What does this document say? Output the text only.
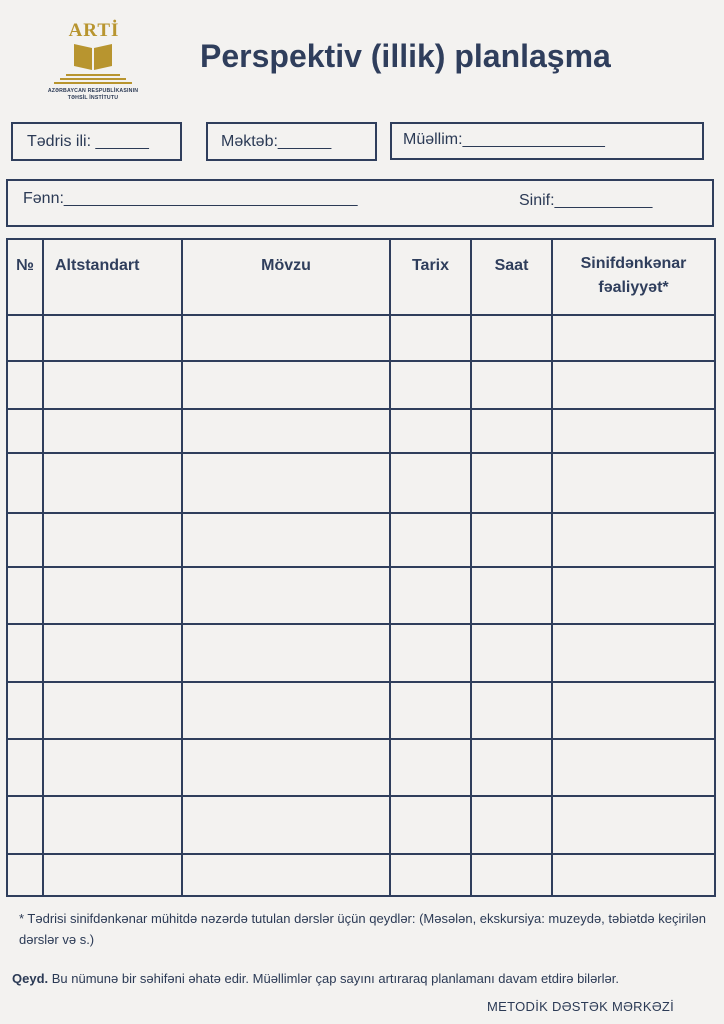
ARTİ
AZƏRBAYCAN RESPUBLİKASININ
TƏHSİL İNSTİTUTU
Perspektiv (illik) planlaşma
Tədris ili: ______	Məktəb:______	Müəllim:________________
Fənn:_________________________________	Sinif:___________
№	Altstandart	Mövzu	Tarix	Saat	Sinifdənkənar fəaliyyət*

* Tədrisi sinifdənkənar mühitdə nəzərdə tutulan dərslər üçün qeydlər: (Məsələn, ekskursiya: muzeydə, təbiətdə keçirilən dərslər və s.)
Qeyd. Bu nümunə bir səhifəni əhatə edir. Müəllimlər çap sayını artıraraq planlamanı davam etdirə bilərlər.
METODİK DƏSTƏK MƏRKƏZİ
